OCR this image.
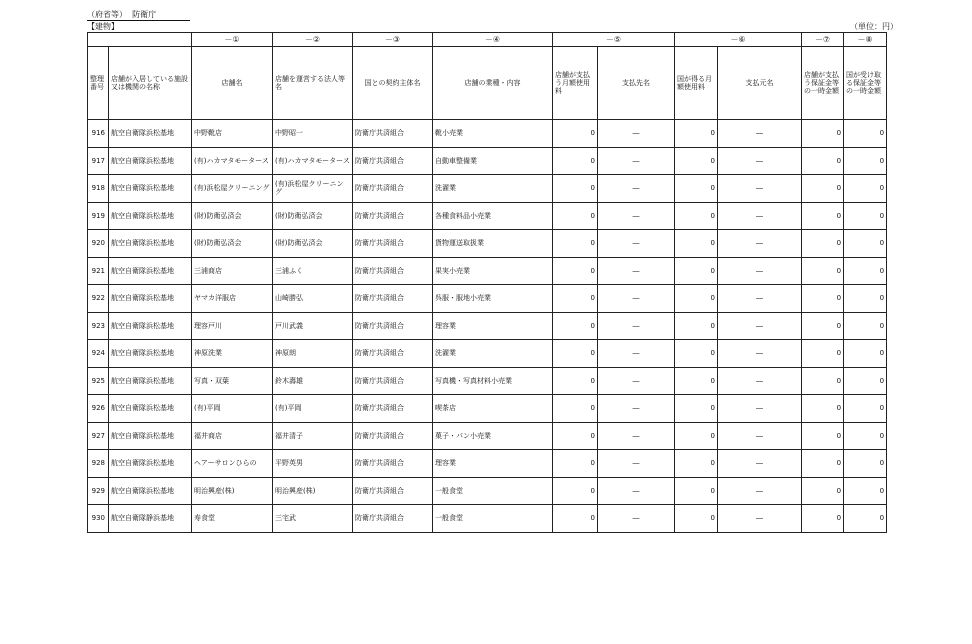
（府省等） 防衛庁
【建物】	（単位：円）
		－①	－②	－③	－④	－⑤		－⑥		－⑦	－⑧
整理番号	店舗が入居している施設又は機関の名称	店舗名	店舗を運営する法人等名	国との契約主体名	店舗の業種・内容	店舗が支払う月額使用料	支払先名	国が得る月額使用料	支払元名	店舗が支払う保証金等の一時金額	国が受け取る保証金等の一時金額
916	航空自衛隊浜松基地	中野靴店	中野昭一	防衛庁共済組合	靴小売業	0	―	0	―	0	0
917	航空自衛隊浜松基地	(有)ハカマタモータース	(有)ハカマタモータース	防衛庁共済組合	自動車整備業	0	―	0	―	0	0
918	航空自衛隊浜松基地	(有)浜松屋クリーニング	(有)浜松屋クリーニング	防衛庁共済組合	洗濯業	0	―	0	―	0	0
919	航空自衛隊浜松基地	(財)防衛弘済会	(財)防衛弘済会	防衛庁共済組合	各種食料品小売業	0	―	0	―	0	0
920	航空自衛隊浜松基地	(財)防衛弘済会	(財)防衛弘済会	防衛庁共済組合	貨物運送取扱業	0	―	0	―	0	0
921	航空自衛隊浜松基地	三浦商店	三浦ふく	防衛庁共済組合	果実小売業	0	―	0	―	0	0
922	航空自衛隊浜松基地	ヤマカ洋服店	山崎勝弘	防衛庁共済組合	呉服・服地小売業	0	―	0	―	0	0
923	航空自衛隊浜松基地	理容戸川	戸川武義	防衛庁共済組合	理容業	0	―	0	―	0	0
924	航空自衛隊浜松基地	神原洗業	神原朗	防衛庁共済組合	洗濯業	0	―	0	―	0	0
925	航空自衛隊浜松基地	写真・双葉	鈴木壽雄	防衛庁共済組合	写真機・写真材料小売業	0	―	0	―	0	0
926	航空自衛隊浜松基地	(有)平岡	(有)平岡	防衛庁共済組合	喫茶店	0	―	0	―	0	0
927	航空自衛隊浜松基地	福井商店	福井清子	防衛庁共済組合	菓子・パン小売業	0	―	0	―	0	0
928	航空自衛隊浜松基地	ヘアーサロンひらの	平野英男	防衛庁共済組合	理容業	0	―	0	―	0	0
929	航空自衛隊浜松基地	明治興産(株)	明治興産(株)	防衛庁共済組合	一般食堂	0	―	0	―	0	0
930	航空自衛隊静浜基地	寿食堂	三宅武	防衛庁共済組合	一般食堂	0	―	0	―	0	0
